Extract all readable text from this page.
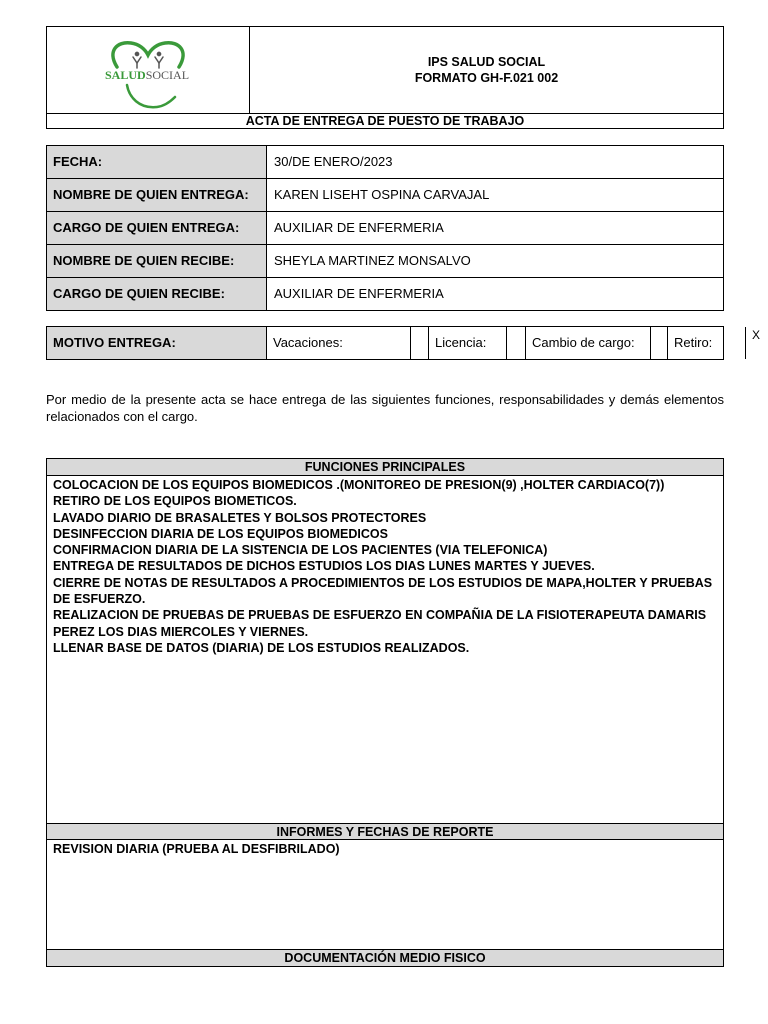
SALUDSOCIAL
IPS SALUD SOCIAL
FORMATO GH-F.021 002
ACTA DE ENTREGA DE PUESTO DE TRABAJO
FECHA:	30/DE ENERO/2023
NOMBRE DE QUIEN ENTREGA:	KAREN LISEHT OSPINA CARVAJAL
CARGO DE QUIEN ENTREGA:	AUXILIAR DE ENFERMERIA
NOMBRE DE QUIEN RECIBE:	SHEYLA MARTINEZ MONSALVO
CARGO DE QUIEN RECIBE:	AUXILIAR DE ENFERMERIA
MOTIVO ENTREGA:	Vacaciones:	Licencia:	Cambio de cargo:	Retiro:	X
Por medio de la presente acta se hace entrega de las siguientes funciones, responsabilidades y demás elementos relacionados con el cargo.
FUNCIONES PRINCIPALES
COLOCACION DE LOS EQUIPOS BIOMEDICOS .(MONITOREO DE PRESION(9) ,HOLTER CARDIACO(7))
RETIRO DE LOS EQUIPOS BIOMETICOS.
LAVADO DIARIO DE BRASALETES Y BOLSOS PROTECTORES
DESINFECCION DIARIA DE LOS EQUIPOS BIOMEDICOS
CONFIRMACION DIARIA DE LA SISTENCIA DE LOS PACIENTES (VIA TELEFONICA)
ENTREGA DE RESULTADOS DE DICHOS ESTUDIOS LOS DIAS LUNES MARTES Y JUEVES.
CIERRE DE NOTAS DE RESULTADOS A PROCEDIMIENTOS DE LOS ESTUDIOS DE MAPA,HOLTER Y PRUEBAS DE ESFUERZO.
REALIZACION DE PRUEBAS DE PRUEBAS DE ESFUERZO EN COMPAÑIA DE LA FISIOTERAPEUTA DAMARIS PEREZ LOS DIAS MIERCOLES Y VIERNES.
LLENAR BASE DE DATOS (DIARIA) DE LOS ESTUDIOS REALIZADOS.
INFORMES Y FECHAS DE REPORTE
REVISION DIARIA (PRUEBA AL DESFIBRILADO)
DOCUMENTACIÓN MEDIO FISICO
